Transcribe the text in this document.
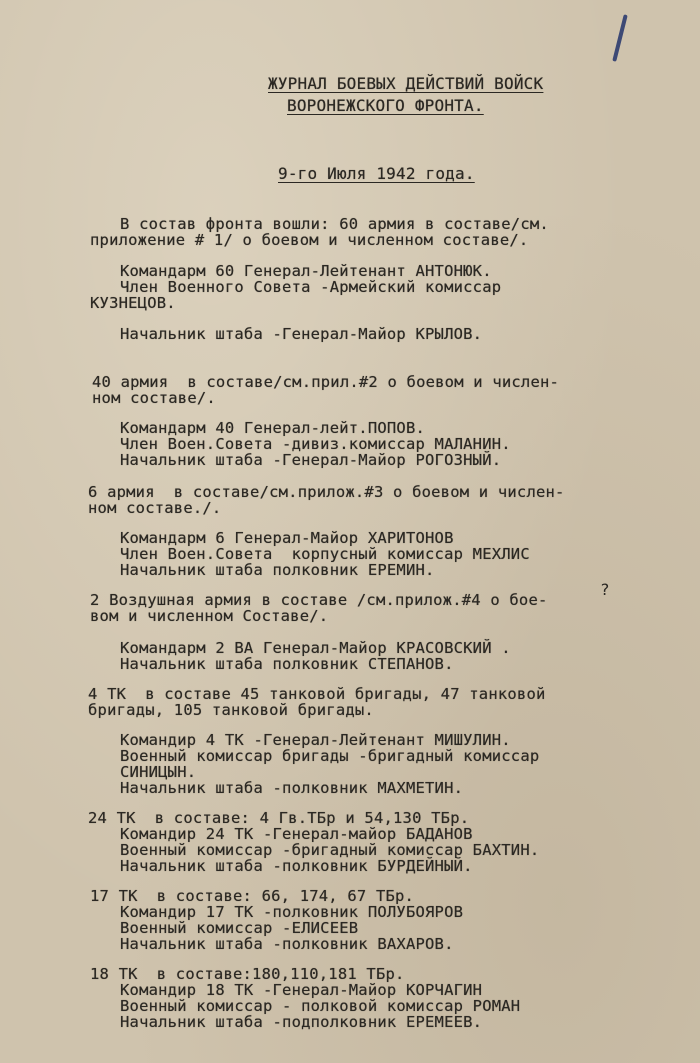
ЖУРНАЛ БОЕВЫХ ДЕЙСТВИЙ ВОЙСК
ВОРОНЕЖСКОГО ФРОНТА.
9-го Июля 1942 года.
В состав фронта вошли: 60 армия в составе/см.
приложение # 1/ о боевом и численном составе/.
Командарм 60 Генерал-Лейтенант АНТОНЮК.
Член Военного Совета -Армейский комиссар
КУЗНЕЦОВ.
Начальник штаба -Генерал-Майор КРЫЛОВ.
40 армия  в составе/см.прил.#2 о боевом и числен-
ном составе/.
Командарм 40 Генерал-лейт.ПОПОВ.
Член Воен.Совета -дивиз.комиссар МАЛАНИН.
Начальник штаба -Генерал-Майор РОГОЗНЫЙ.
6 армия  в составе/см.прилож.#3 о боевом и числен-
ном составе./.
Командарм 6 Генерал-Майор ХАРИТОНОВ
Член Воен.Совета  корпусный комиссар МЕХЛИС
Начальник штаба полковник ЕРЕМИН.
2 Воздушная армия в составе /см.прилож.#4 о бое-
вом и численном Составе/.
?
Командарм 2 ВА Генерал-Майор КРАСОВСКИЙ .
Начальник штаба полковник СТЕПАНОВ.
4 ТК  в составе 45 танковой бригады, 47 танковой
бригады, 105 танковой бригады.
Командир 4 ТК -Генерал-Лейтенант МИШУЛИН.
Военный комиссар бригады -бригадный комиссар
СИНИЦЫН.
Начальник штаба -полковник МАХМЕТИН.
24 ТК  в составе: 4 Гв.ТБр и 54,130 ТБр.
Командир 24 ТК -Генерал-майор БАДАНОВ
Военный комиссар -бригадный комиссар БАХТИН.
Начальник штаба -полковник БУРДЕЙНЫЙ.
17 ТК  в составе: 66, 174, 67 ТБр.
Командир 17 ТК -полковник ПОЛУБОЯРОВ
Военный комиссар -ЕЛИСЕЕВ
Начальник штаба -полковник ВАХАРОВ.
18 ТК  в составе:180,110,181 ТБр.
Командир 18 ТК -Генерал-Майор КОРЧАГИН
Военный комиссар - полковой комиссар РОМАН
Начальник штаба -подполковник ЕРЕМЕЕВ.
